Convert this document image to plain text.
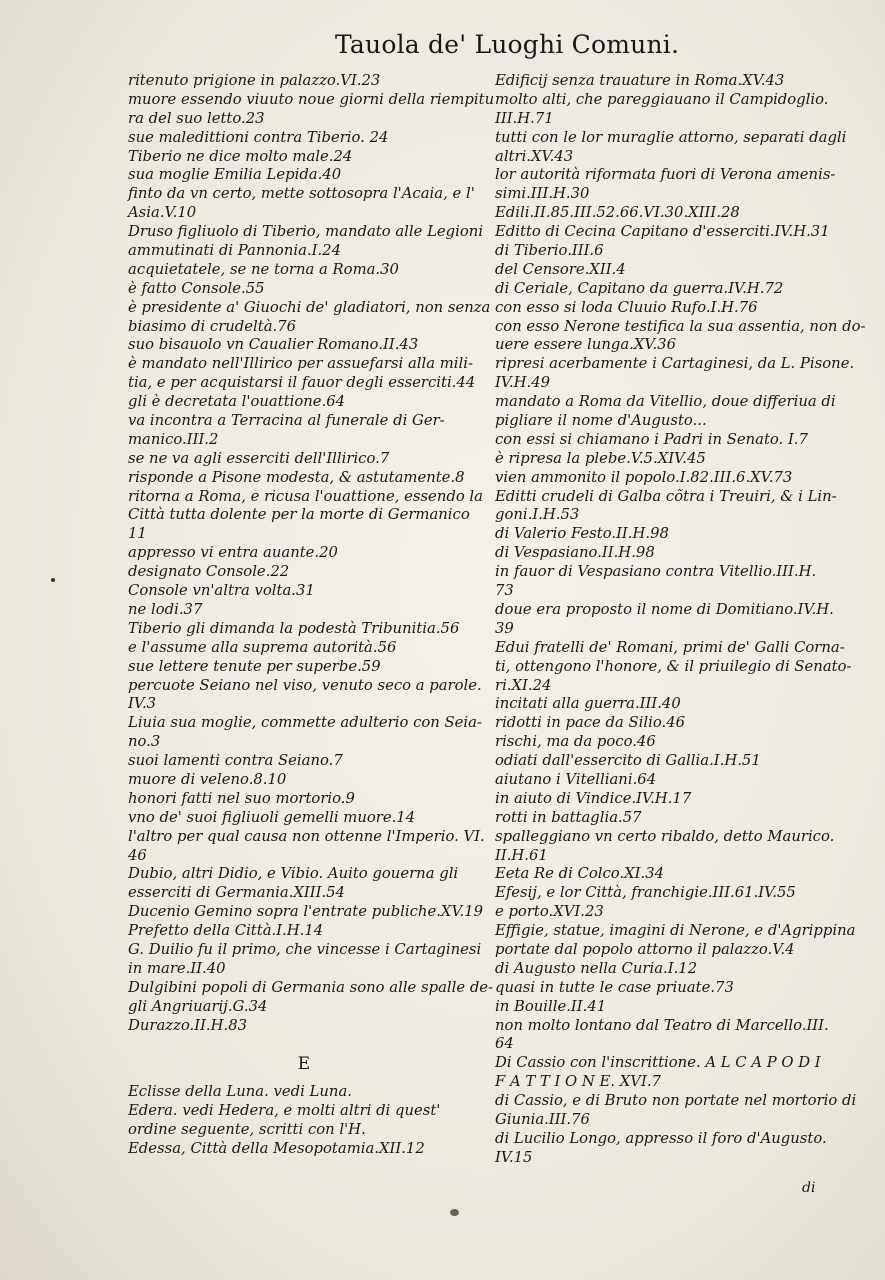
Tauola de' Luoghi Comuni.
ritenuto prigione in palazzo.VI.23
muore essendo viuuto noue giorni della riempitu
ra del suo letto.23
sue maledittioni contra Tiberio. 24
Tiberio ne dice molto male.24
sua moglie Emilia Lepida.40
finto da vn certo, mette sottosopra l'Acaia, e l'
Asia.V.10
Druso figliuolo di Tiberio, mandato alle Legioni
ammutinati di Pannonia.I.24
acquietatele, se ne torna a Roma.30
è fatto Console.55
è presidente a' Giuochi de' gladiatori, non senza
biasimo di crudeltà.76
suo bisauolo vn Caualier Romano.II.43
è mandato nell'Illirico per assuefarsi alla mili-
tia, e per acquistarsi il fauor degli esserciti.44
gli è decretata l'ouattione.64
va incontra a Terracina al funerale di Ger-
manico.III.2
se ne va agli esserciti dell'Illirico.7
risponde a Pisone modesta, & astutamente.8
ritorna a Roma, e ricusa l'ouattione, essendo la
Città tutta dolente per la morte di Germanico
11
appresso vi entra auante.20
designato Console.22
Console vn'altra volta.31
ne lodi.37
Tiberio gli dimanda la podestà Tribunitia.56
e l'assume alla suprema autorità.56
sue lettere tenute per superbe.59
percuote Seiano nel viso, venuto seco a parole.
IV.3
Liuia sua moglie, commette adulterio con Seia-
no.3
suoi lamenti contra Seiano.7
muore di veleno.8.10
honori fatti nel suo mortorio.9
vno de' suoi figliuoli gemelli muore.14
l'altro per qual causa non ottenne l'Imperio. VI.
46
Dubio, altri Didio, e Vibio. Auito gouerna gli
esserciti di Germania.XIII.54
Ducenio Gemino sopra l'entrate publiche.XV.19
Prefetto della Città.I.H.14
G. Duilio fu il primo, che vincesse i Cartaginesi
in mare.II.40
Dulgibini popoli di Germania sono alle spalle de-
gli Angriuarij.G.34
Durazzo.II.H.83
E
Eclisse della Luna. vedi Luna.
Edera. vedi Hedera, e molti altri di quest'
ordine seguente, scritti con l'H.
Edessa, Città della Mesopotamia.XII.12
Edificij senza trauature in Roma.XV.43
molto alti, che pareggiauano il Campidoglio.
III.H.71
tutti con le lor muraglie attorno, separati dagli
altri.XV.43
lor autorità riformata fuori di Verona amenis-
simi.III.H.30
Edili.II.85.III.52.66.VI.30.XIII.28
Editto di Cecina Capitano d'esserciti.IV.H.31
di Tiberio.III.6
del Censore.XII.4
di Ceriale, Capitano da guerra.IV.H.72
con esso si loda Cluuio Rufo.I.H.76
con esso Nerone testifica la sua assentia, non do-
uere essere lunga.XV.36
ripresi acerbamente i Cartaginesi, da L. Pisone.
IV.H.49
mandato a Roma da Vitellio, doue differiua di
pigliare il nome d'Augusto...
con essi si chiamano i Padri in Senato. I.7
è ripresa la plebe.V.5.XIV.45
vien ammonito il popolo.I.82.III.6.XV.73
Editti crudeli di Galba cõtra i Treuiri, & i Lin-
goni.I.H.53
di Valerio Festo.II.H.98
di Vespasiano.II.H.98
in fauor di Vespasiano contra Vitellio.III.H.
73
doue era proposto il nome di Domitiano.IV.H.
39
Edui fratelli de' Romani, primi de' Galli Corna-
ti, ottengono l'honore, & il priuilegio di Senato-
ri.XI.24
incitati alla guerra.III.40
ridotti in pace da Silio.46
rischi, ma da poco.46
odiati dall'essercito di Gallia.I.H.51
aiutano i Vitelliani.64
in aiuto di Vindice.IV.H.17
rotti in battaglia.57
spalleggiano vn certo ribaldo, detto Maurico.
II.H.61
Eeta Re di Colco.XI.34
Efesij, e lor Città, franchigie.III.61.IV.55
e porto.XVI.23
Effigie, statue, imagini di Nerone, e d'Agrippina
portate dal popolo attorno il palazzo.V.4
di Augusto nella Curia.I.12
quasi in tutte le case priuate.73
in Bouille.II.41
non molto lontano dal Teatro di Marcello.III.
64
Di Cassio con l'inscrittione. A L C A P O D I
F A T T I O N E. XVI.7
di Cassio, e di Bruto non portate nel mortorio di
Giunia.III.76
di Lucilio Longo, appresso il foro d'Augusto.
IV.15
di
